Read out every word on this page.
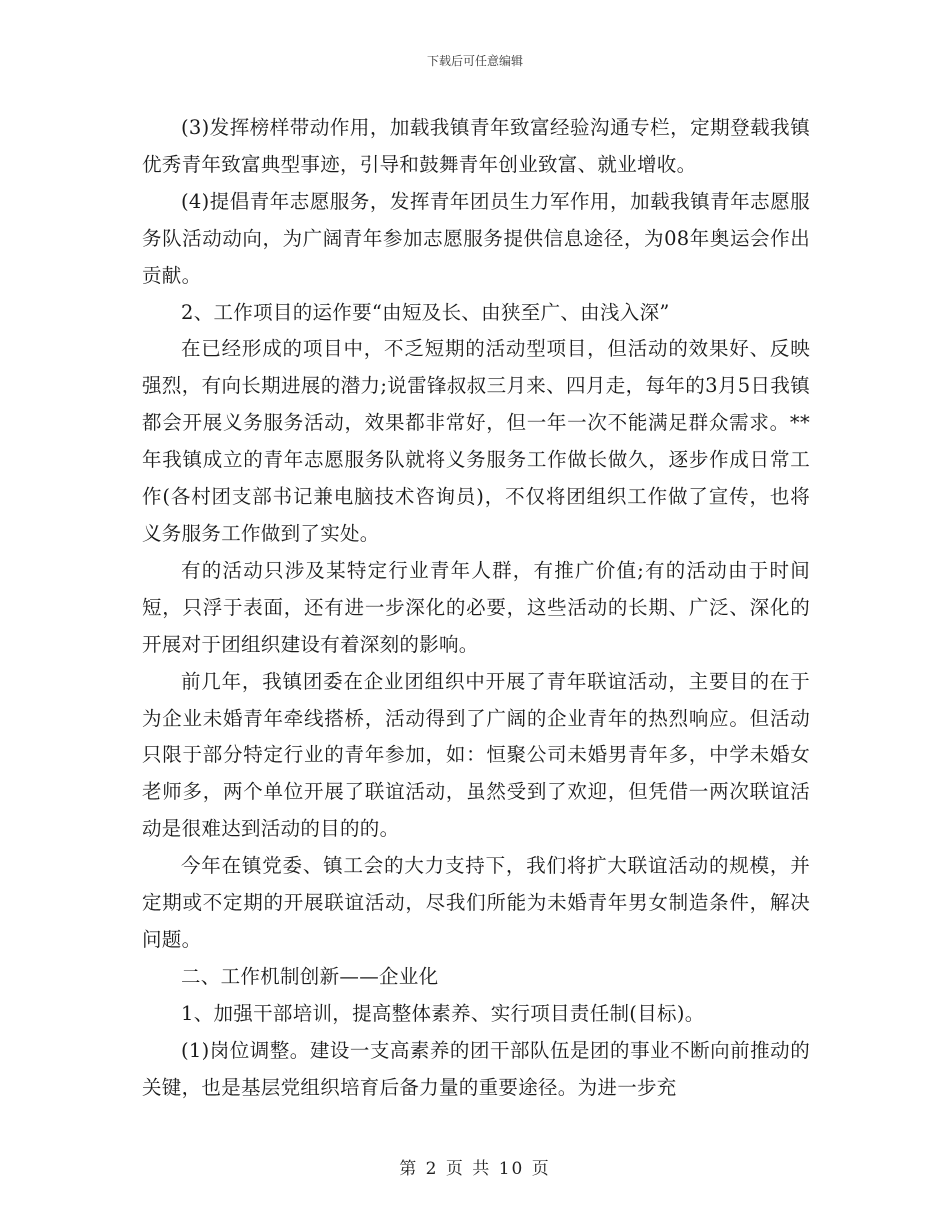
下载后可任意编辑

(3)发挥榜样带动作用，加载我镇青年致富经验沟通专栏，定期登载我镇优秀青年致富典型事迹，引导和鼓舞青年创业致富、就业增收。

(4)提倡青年志愿服务，发挥青年团员生力军作用，加载我镇青年志愿服务队活动动向，为广阔青年参加志愿服务提供信息途径，为08年奥运会作出贡献。

2、工作项目的运作要“由短及长、由狭至广、由浅入深”

在已经形成的项目中，不乏短期的活动型项目，但活动的效果好、反映强烈，有向长期进展的潜力;说雷锋叔叔三月来、四月走，每年的3月5日我镇都会开展义务服务活动，效果都非常好，但一年一次不能满足群众需求。**年我镇成立的青年志愿服务队就将义务服务工作做长做久，逐步作成日常工作(各村团支部书记兼电脑技术咨询员)，不仅将团组织工作做了宣传，也将义务服务工作做到了实处。

有的活动只涉及某特定行业青年人群，有推广价值;有的活动由于时间短，只浮于表面，还有进一步深化的必要，这些活动的长期、广泛、深化的开展对于团组织建设有着深刻的影响。

前几年，我镇团委在企业团组织中开展了青年联谊活动，主要目的在于为企业未婚青年牵线搭桥，活动得到了广阔的企业青年的热烈响应。但活动只限于部分特定行业的青年参加，如：恒聚公司未婚男青年多，中学未婚女老师多，两个单位开展了联谊活动，虽然受到了欢迎，但凭借一两次联谊活动是很难达到活动的目的的。

今年在镇党委、镇工会的大力支持下，我们将扩大联谊活动的规模，并定期或不定期的开展联谊活动，尽我们所能为未婚青年男女制造条件，解决问题。

二、工作机制创新——企业化

1、加强干部培训，提高整体素养、实行项目责任制(目标)。

(1)岗位调整。建设一支高素养的团干部队伍是团的事业不断向前推动的关键，也是基层党组织培育后备力量的重要途径。为进一步充

第 2 页 共 10 页
